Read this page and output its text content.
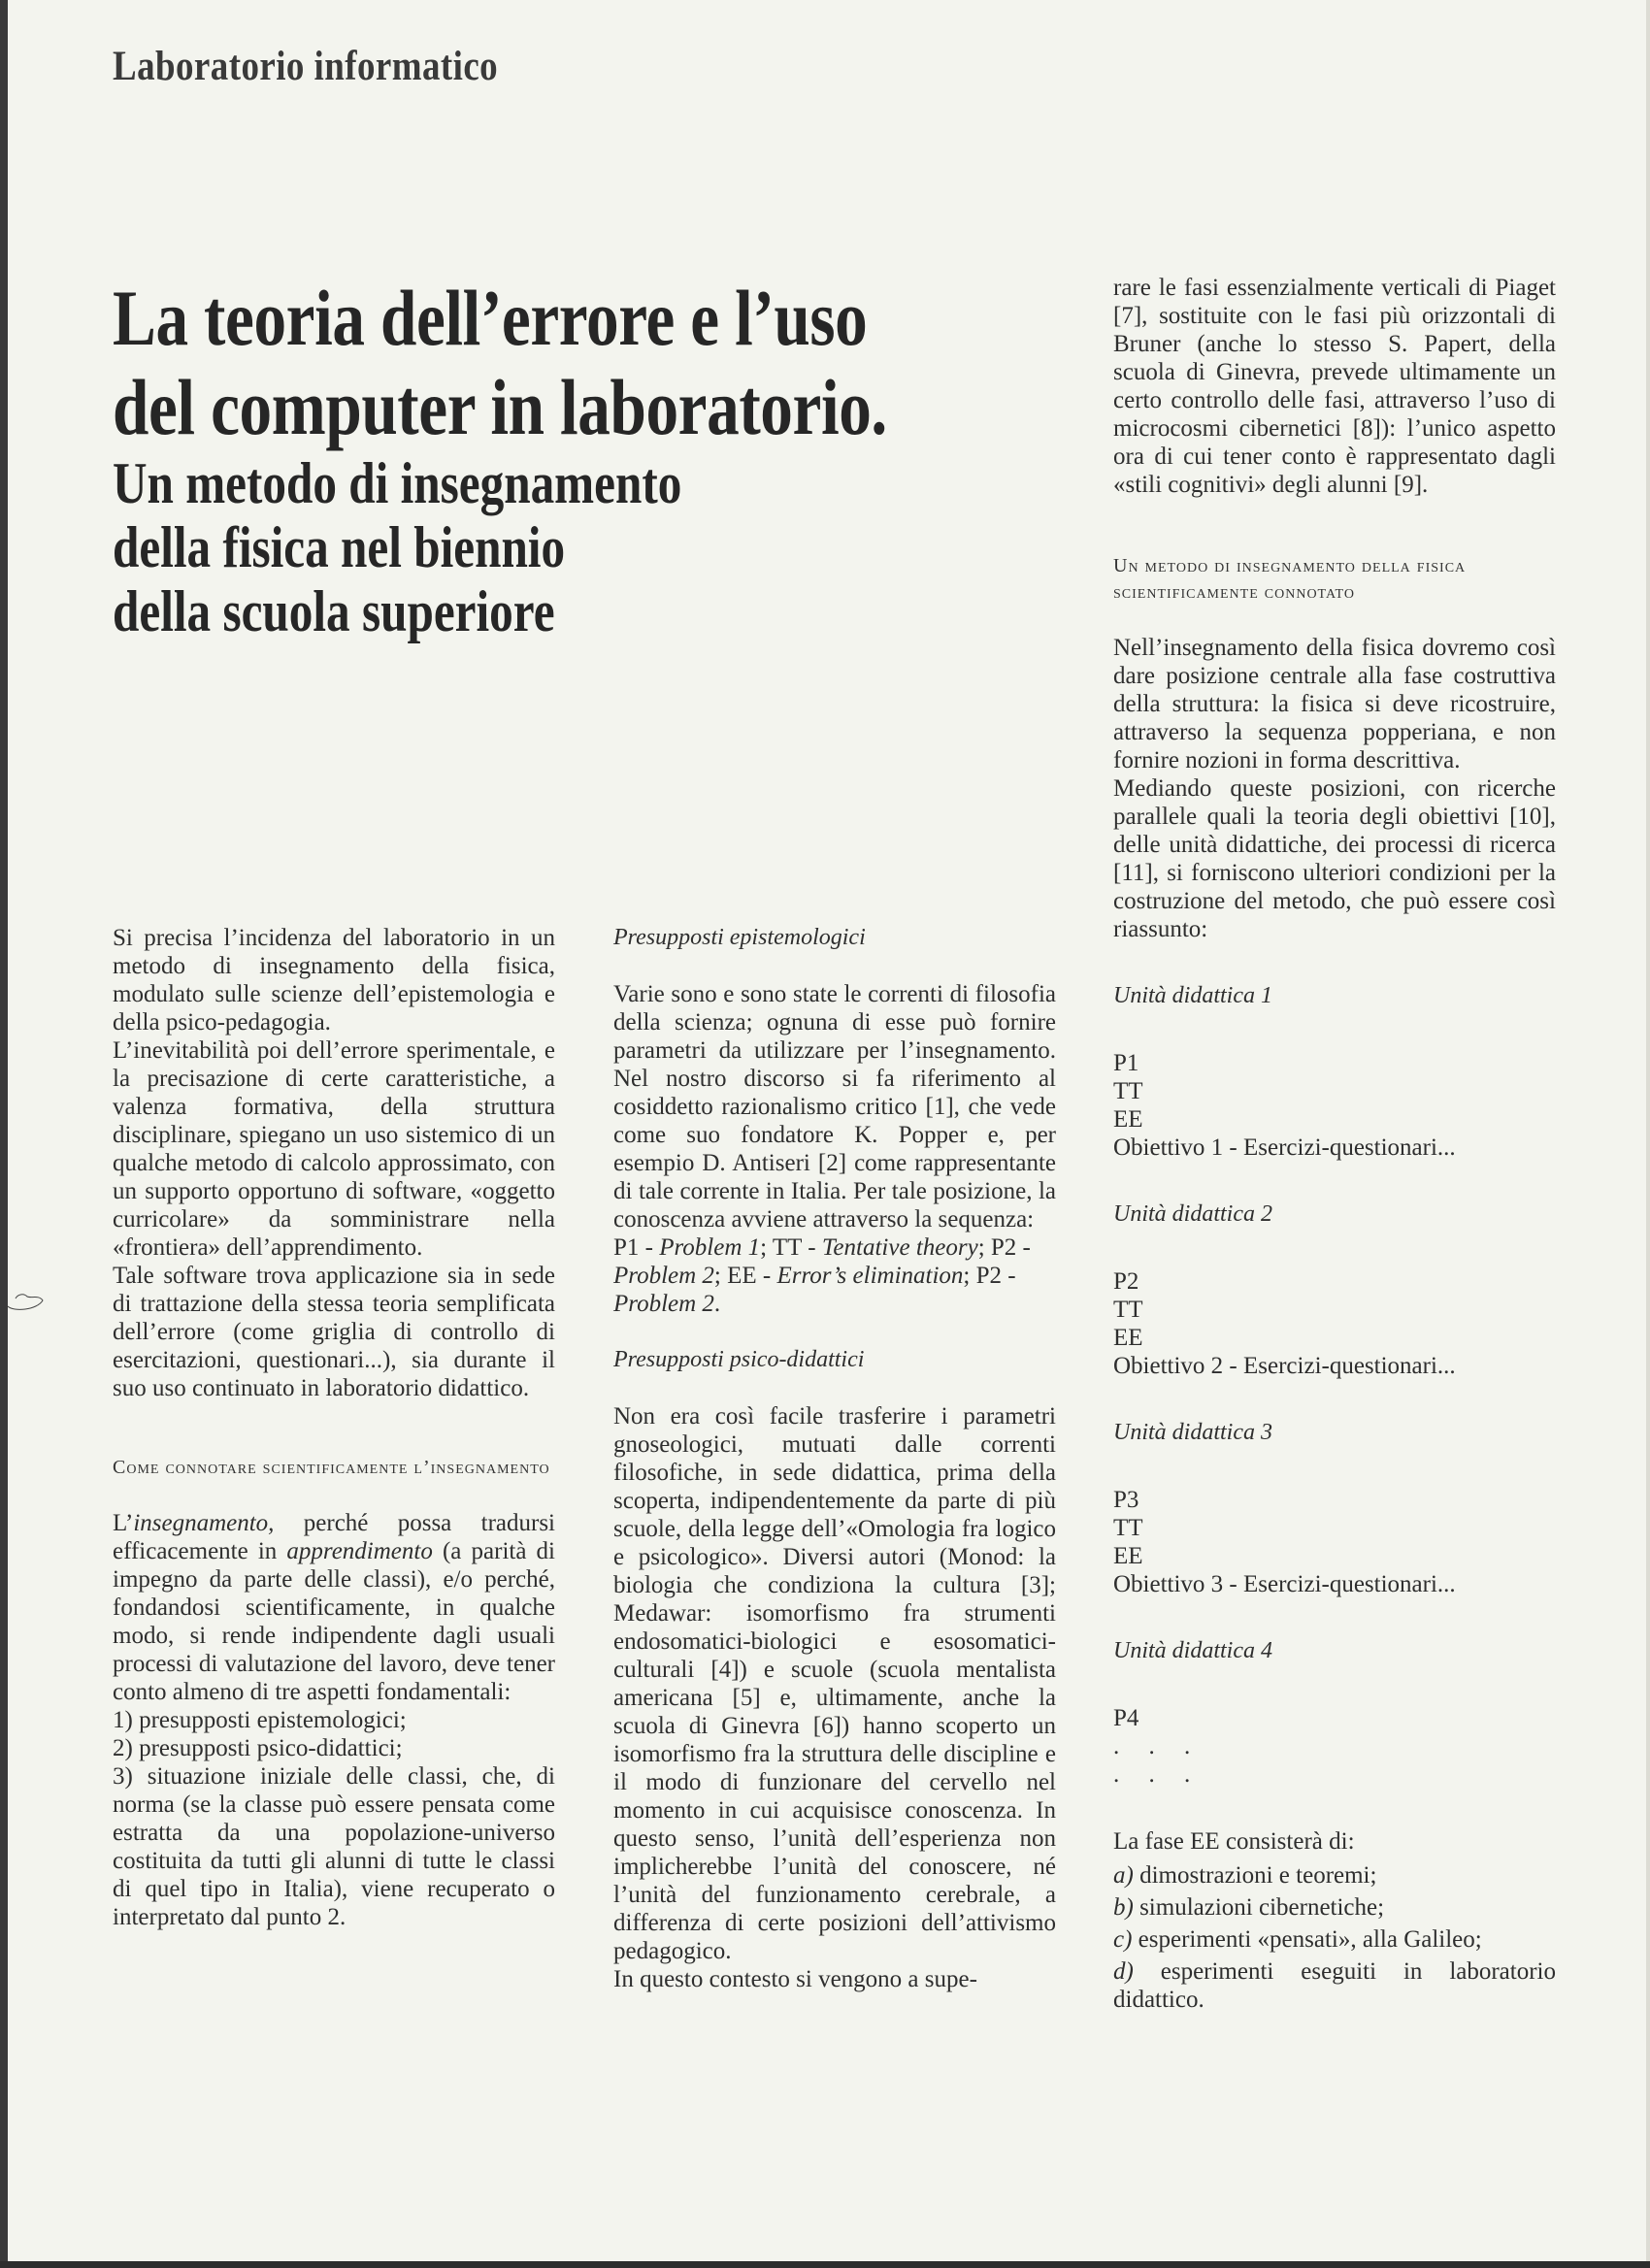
Laboratorio informatico
La teoria dell’errore e l’uso
del computer in laboratorio.
Un metodo di insegnamento
della fisica nel biennio
della scuola superiore

Si precisa l’incidenza del laboratorio in un metodo di insegnamento della fisica, modulato sulle scienze dell’epistemologia e della psico-pedagogia.

L’inevitabilità poi dell’errore sperimentale, e la precisazione di certe caratteristiche, a valenza formativa, della struttura disciplinare, spiegano un uso sistemico di un qualche metodo di calcolo approssimato, con un supporto opportuno di software, «oggetto curricolare» da somministrare nella «frontiera» dell’apprendimento.

Tale software trova applicazione sia in sede di trattazione della stessa teoria semplificata dell’errore (come griglia di controllo di esercitazioni, questionari...), sia durante il suo uso continuato in laboratorio didattico.

Come connotare scientificamente l’insegnamento

L’insegnamento, perché possa tradursi efficacemente in apprendimento (a parità di impegno da parte delle classi), e/o perché, fondandosi scientificamente, in qualche modo, si rende indipendente dagli usuali processi di valutazione del lavoro, deve tener conto almeno di tre aspetti fondamentali:

1) presupposti epistemologici;

2) presupposti psico-didattici;

3) situazione iniziale delle classi, che, di norma (se la classe può essere pensata come estratta da una popolazione-universo costituita da tutti gli alunni di tutte le classi di quel tipo in Italia), viene recuperato o interpretato dal punto 2.

Presupposti epistemologici

Varie sono e sono state le correnti di filosofia della scienza; ognuna di esse può fornire parametri da utilizzare per l’insegnamento. Nel nostro discorso si fa riferimento al cosiddetto razionalismo critico [1], che vede come suo fondatore K. Popper e, per esempio D. Antiseri [2] come rappresentante di tale corrente in Italia. Per tale posizione, la conoscenza avviene attraverso la sequenza:

P1 - Problem 1; TT - Tentative theory; P2 - Problem 2; EE - Error’s elimination; P2 - Problem 2.

Presupposti psico-didattici

Non era così facile trasferire i parametri gnoseologici, mutuati dalle correnti filosofiche, in sede didattica, prima della scoperta, indipendentemente da parte di più scuole, della legge dell’«Omologia fra logico e psicologico». Diversi autori (Monod: la biologia che condiziona la cultura [3]; Medawar: isomorfismo fra strumenti endosomatici-biologici e esosomatici-culturali [4]) e scuole (scuola mentalista americana [5] e, ultimamente, anche la scuola di Ginevra [6]) hanno scoperto un isomorfismo fra la struttura delle discipline e il modo di funzionare del cervello nel momento in cui acquisisce conoscenza. In questo senso, l’unità dell’esperienza non implicherebbe l’unità del conoscere, né l’unità del funzionamento cerebrale, a differenza di certe posizioni dell’attivismo pedagogico.

In questo contesto si vengono a supe-

rare le fasi essenzialmente verticali di Piaget [7], sostituite con le fasi più orizzontali di Bruner (anche lo stesso S. Papert, della scuola di Ginevra, prevede ultimamente un certo controllo delle fasi, attraverso l’uso di microcosmi cibernetici [8]): l’unico aspetto ora di cui tener conto è rappresentato dagli «stili cognitivi» degli alunni [9].

Un metodo di insegnamento della fisica scientificamente connotato

Nell’insegnamento della fisica dovremo così dare posizione centrale alla fase costruttiva della struttura: la fisica si deve ricostruire, attraverso la sequenza popperiana, e non fornire nozioni in forma descrittiva.

Mediando queste posizioni, con ricerche parallele quali la teoria degli obiettivi [10], delle unità didattiche, dei processi di ricerca [11], si forniscono ulteriori condizioni per la costruzione del metodo, che può essere così riassunto:

Unità didattica 1

P1
TT
EE
Obiettivo 1 - Esercizi-questionari...

Unità didattica 2

P2
TT
EE
Obiettivo 2 - Esercizi-questionari...

Unità didattica 3

P3
TT
EE
Obiettivo 3 - Esercizi-questionari...

Unità didattica 4

P4
. . .
. . .

La fase EE consisterà di:

a) dimostrazioni e teoremi;

b) simulazioni cibernetiche;

c) esperimenti «pensati», alla Galileo;

d) esperimenti eseguiti in laboratorio didattico.
